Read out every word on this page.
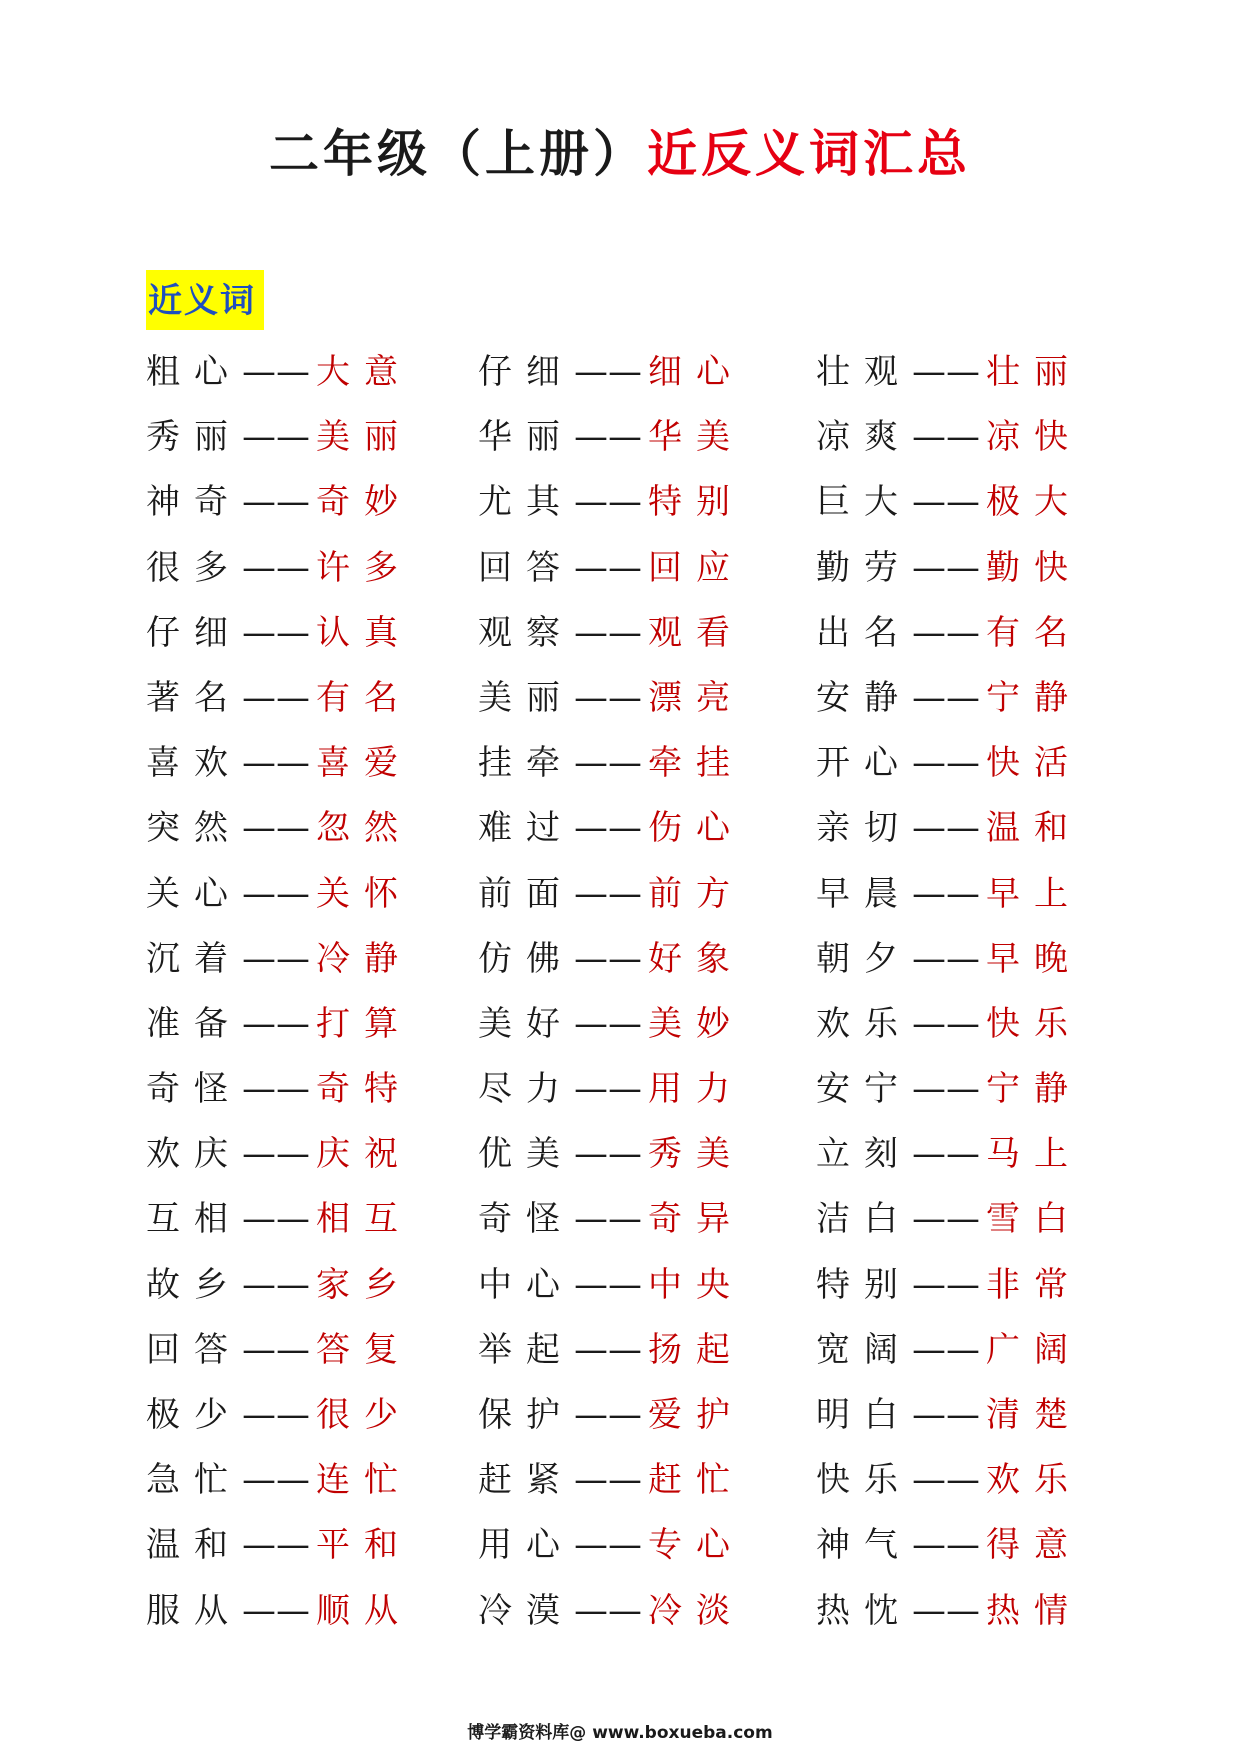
二年级（上册）近反义词汇总
近义词
粗心—— 大意 仔细—— 细心 壮观—— 壮丽
秀丽—— 美丽 华丽—— 华美 凉爽—— 凉快
神奇—— 奇妙 尤其—— 特别 巨大—— 极大
很多—— 许多 回答—— 回应 勤劳—— 勤快
仔细—— 认真 观察—— 观看 出名—— 有名
著名—— 有名 美丽—— 漂亮 安静—— 宁静
喜欢—— 喜爱 挂牵—— 牵挂 开心—— 快活
突然—— 忽然 难过—— 伤心 亲切—— 温和
关心—— 关怀 前面—— 前方 早晨—— 早上
沉着—— 冷静 仿佛—— 好象 朝夕—— 早晚
准备—— 打算 美好—— 美妙 欢乐—— 快乐
奇怪—— 奇特 尽力—— 用力 安宁—— 宁静
欢庆—— 庆祝 优美—— 秀美 立刻—— 马上
互相—— 相互 奇怪—— 奇异 洁白—— 雪白
故乡—— 家乡 中心—— 中央 特别—— 非常
回答—— 答复 举起—— 扬起 宽阔—— 广阔
极少—— 很少 保护—— 爱护 明白—— 清楚
急忙—— 连忙 赶紧—— 赶忙 快乐—— 欢乐
温和—— 平和 用心—— 专心 神气—— 得意
服从—— 顺从 冷漠—— 冷淡 热忱—— 热情
博学霸资料库@ www.boxueba.com
